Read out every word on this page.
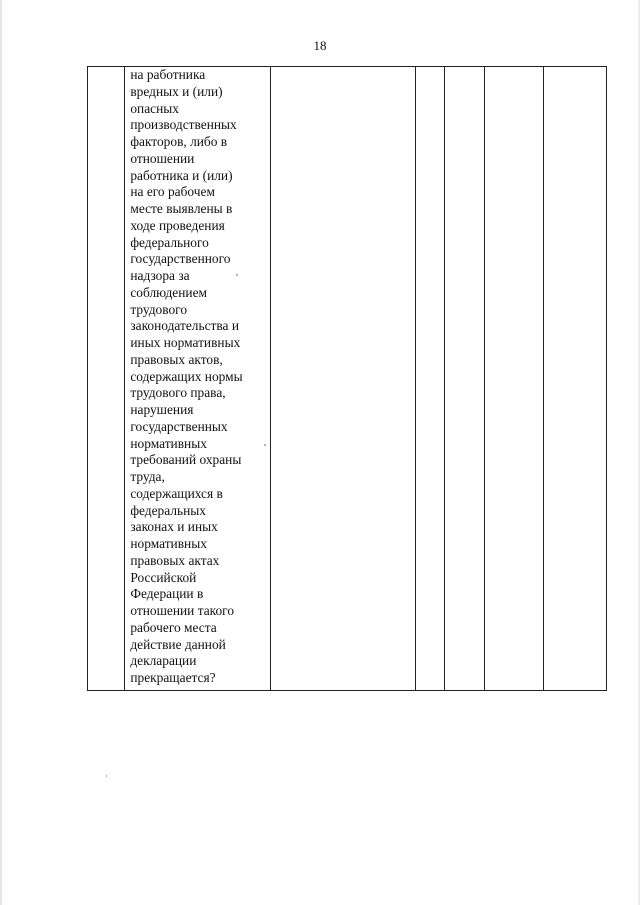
18

на работника
вредных и (или)
опасных
производственных
факторов, либо в
отношении
работника и (или)
на его рабочем
месте выявлены в
ходе проведения
федерального
государственного
надзора за
соблюдением
трудового
законодательства и
иных нормативных
правовых актов,
содержащих нормы
трудового права,
нарушения
государственных
нормативных
требований охраны
труда,
содержащихся в
федеральных
законах и иных
нормативных
правовых актах
Российской
Федерации в
отношении такого
рабочего места
действие данной
декларации
прекращается?
